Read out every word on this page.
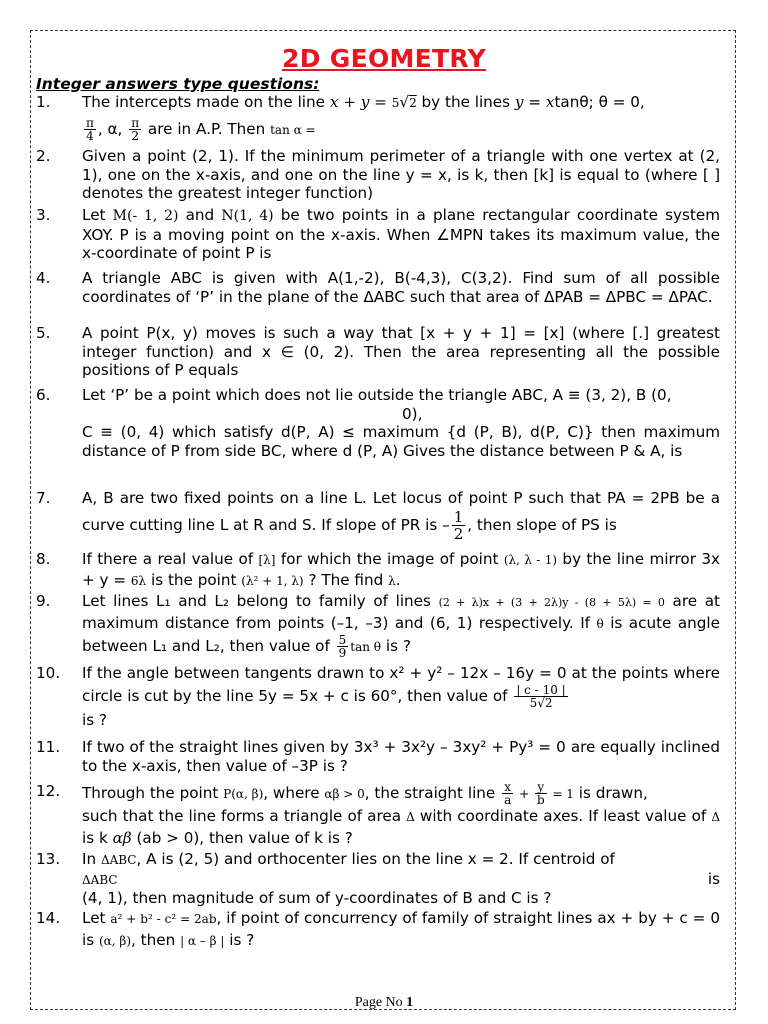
2D GEOMETRY
Integer answers type questions:
1. The intercepts made on the line x + y = 5√2 by the lines y = xtanθ; θ = 0,
$\frac{\pi}{4}$ , α, $\frac{\pi}{2}$ are in A.P. Then tan α =
2. Given a point (2, 1). If the minimum perimeter of a triangle with one vertex at (2, 1), one on the x-axis, and one on the line y = x, is k, then [k] is equal to (where [ ] denotes the greatest integer function)
3. Let M(- 1, 2) and N(1, 4) be two points in a plane rectangular coordinate system XOY. P is a moving point on the x-axis. When ∠MPN takes its maximum value, the x-coordinate of point P is
4. A triangle ABC is given with A(1,-2), B(-4,3), C(3,2). Find sum of all possible coordinates of ‘P’ in the plane of the ΔABC such that area of ΔPAB = ΔPBC = ΔPAC.
5. A point P(x, y) moves is such a way that [x + y + 1] = [x] (where [.] greatest integer function) and x ∈ (0, 2). Then the area representing all the possible positions of P equals
6. Let ‘P’ be a point which does not lie outside the triangle ABC, A ≡ (3, 2), B (0,
0),
C ≡ (0, 4) which satisfy d(P, A) ≤ maximum {d (P, B), d(P, C)} then maximum distance of P from side BC, where d (P, A) Gives the distance between P & A, is
7. A, B are two fixed points on a line L. Let locus of point P such that PA = 2PB be a curve cutting line L at R and S. If slope of PR is – $\frac{1}{2}$ , then slope of PS is
8. If there a real value of [λ] for which the image of point (λ, λ - 1) by the line mirror 3x + y = 6λ is the point (λ² + 1, λ) ? The find λ.
9. Let lines L₁ and L₂ belong to family of lines (2 + λ)x + (3 + 2λ)y - (8 + 5λ) = 0 are at maximum distance from points (–1, –3) and (6, 1) respectively. If θ is acute angle between L₁ and L₂, then value of $\frac{5}{9}$ tan θ is ?
10. If the angle between tangents drawn to x² + y² – 12x – 16y = 0 at the points where circle is cut by the line 5y = 5x + c is 60°, then value of $\frac{| c - 10 |}{5√2}$

is ?
11. If two of the straight lines given by 3x³ + 3x²y – 3xy² + Py³ = 0 are equally inclined to the x-axis, then value of –3P is ?
12. Through the point P(α, β), where αβ > 0, the straight line $\frac{x}{a} + \frac{y}{b} = 1$ is drawn,
such that the line forms a triangle of area Δ with coordinate axes. If least value of Δ is k αβ (ab > 0), then value of k is ?
13. In ΔABC, A is (2, 5) and orthocenter lies on the line x = 2. If centroid of
ΔABC	is

(4, 1), then magnitude of sum of y-coordinates of B and C is ?
14. Let a² + b² - c² = 2ab, if point of concurrency of family of straight lines ax + by + c = 0 is (α, β), then | α – β | is ?
Page No 1
